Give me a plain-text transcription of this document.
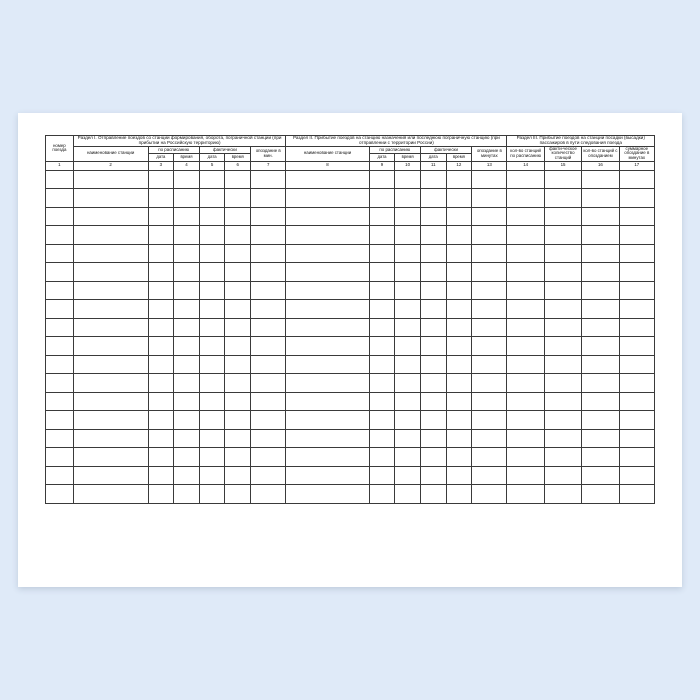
номер поезда	Раздел I. Отправление поездов со станции формирования, оборота, пограничной станции (при прибытии на Российскую территорию)						Раздел II. Прибытие поездов на станцию назначения или последнюю пограничную станцию (при отправлении с территории России)						Раздел III. Прибытие поездов на станции посадки (высадки) пассажиров в пути следования поезда			
	наименование станции	по расписанию		фактически		опоздание в мин.	наименование станции	по расписанию		фактически		опоздание в минутах	кол-во станций по расписанию	факти-ческое количество станций	кол-во станций с опозданием	суммарное опоздание в минутах
		дата	время	дата	время			дата	время	дата	время					
1	2	3	4	5	6	7	8	9	10	11	12	13	14	15	16	17
